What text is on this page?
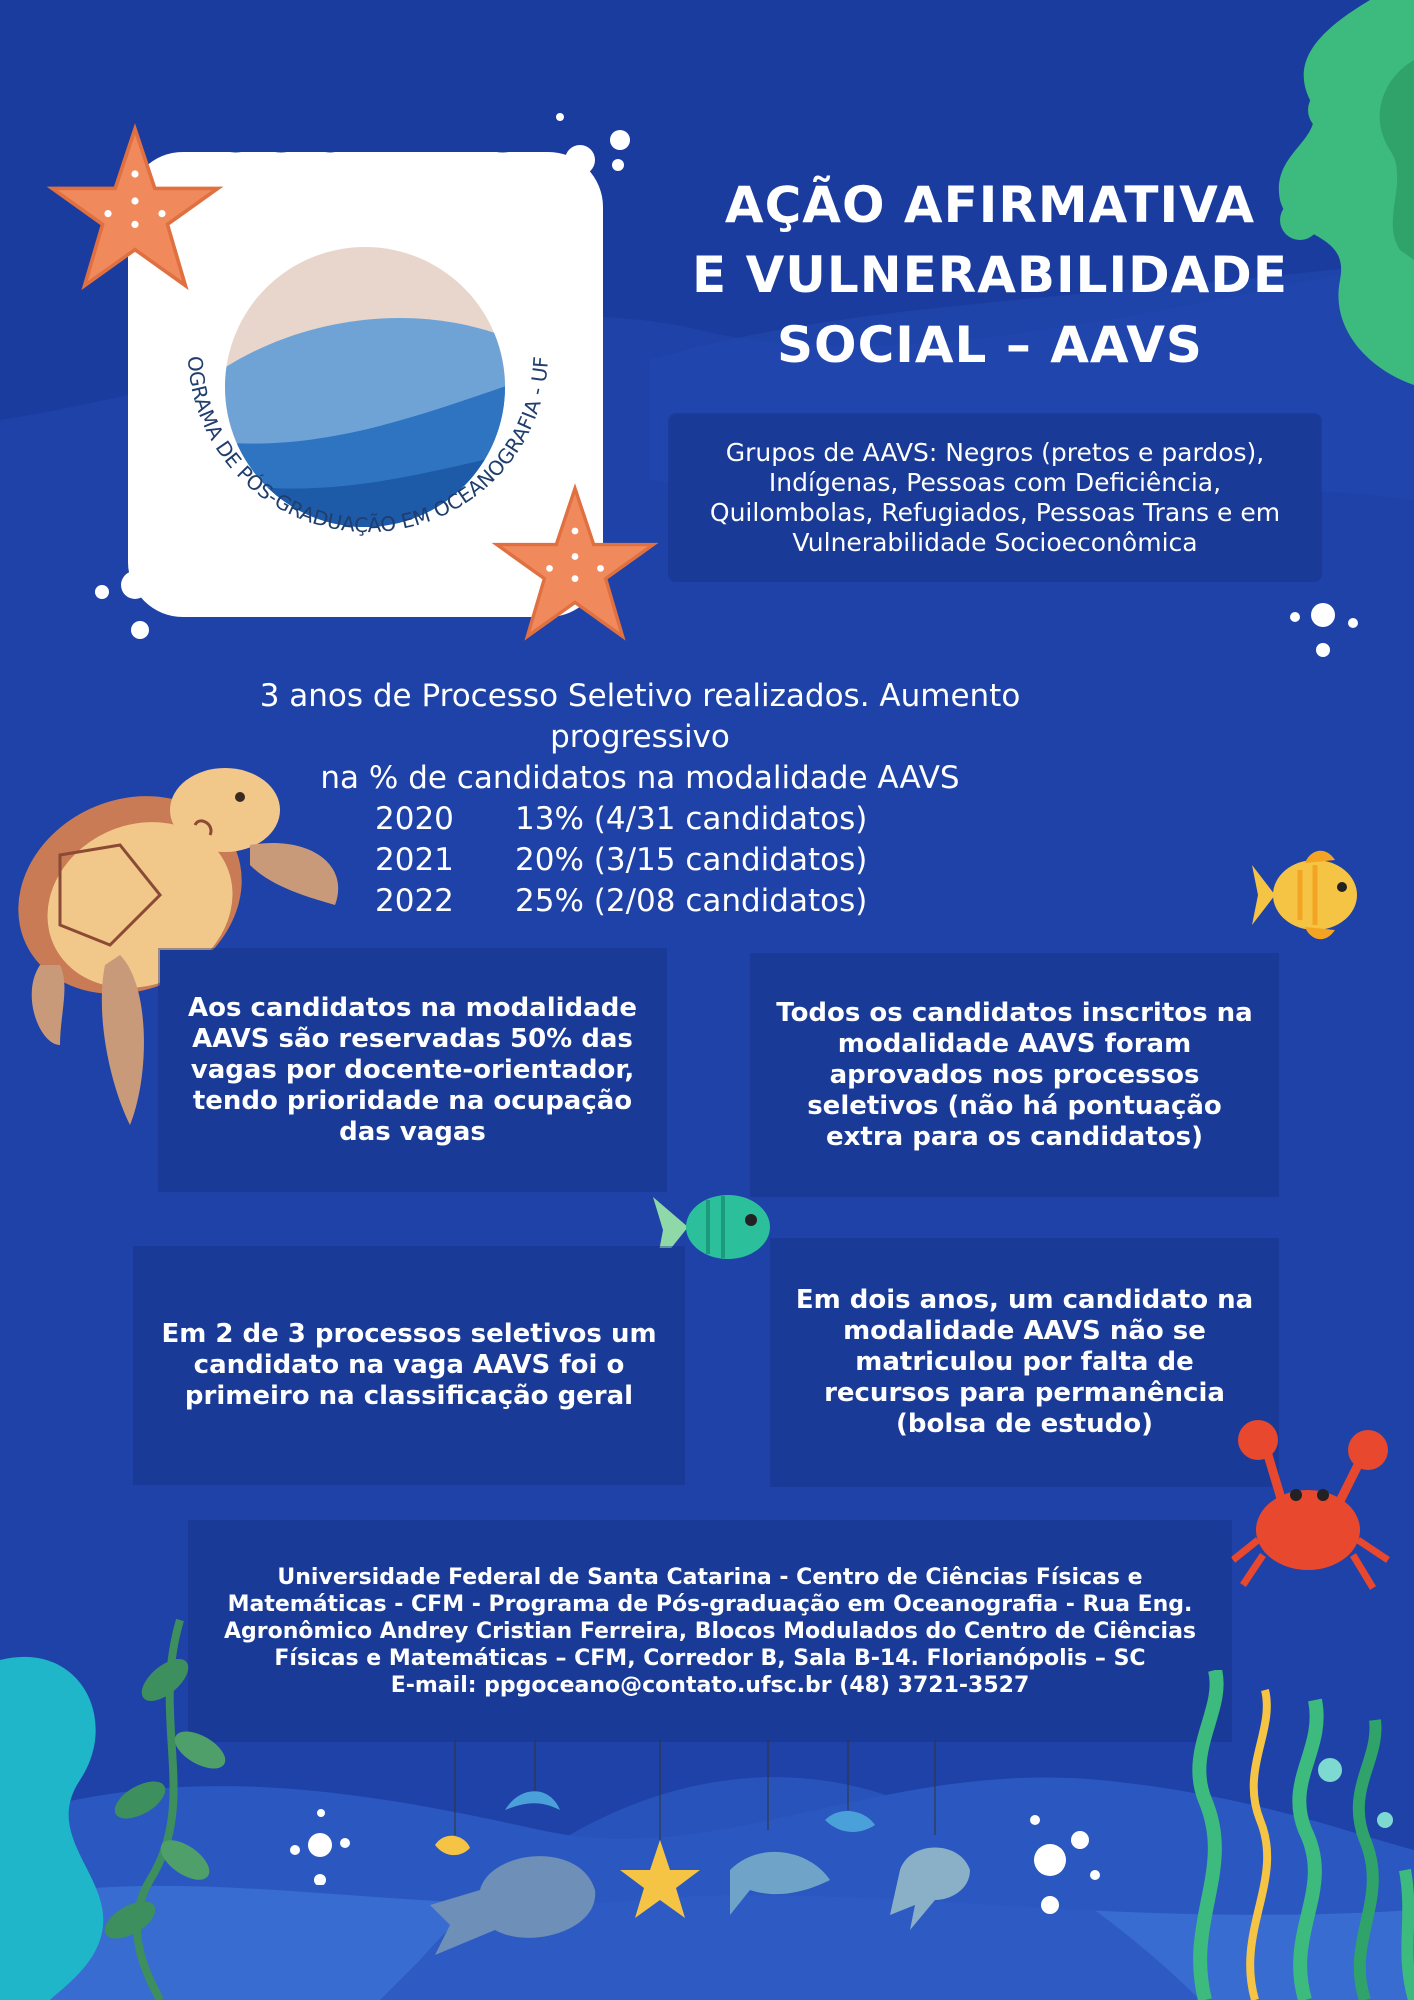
OGRAMA DE PÓS-GRADUAÇÃO EM OCEANOGRAFIA - UF
AÇÃO AFIRMATIVA
E VULNERABILIDADE
SOCIAL – AAVS

Grupos de AAVS: Negros (pretos e pardos), Indígenas, Pessoas com Deficiência, Quilombolas, Refugiados, Pessoas Trans e em Vulnerabilidade Socioeconômica

3 anos de Processo Seletivo realizados. Aumento progressivo
na % de candidatos na modalidade AAVS
2020	13% (4/31 candidatos)
2021	20% (3/15 candidatos)
2022	25% (2/08 candidatos)

Aos candidatos na modalidade AAVS são reservadas 50% das vagas por docente-orientador, tendo prioridade na ocupação das vagas

Todos os candidatos inscritos na modalidade AAVS foram aprovados nos processos seletivos (não há pontuação extra para os candidatos)

Em 2 de 3 processos seletivos um candidato na vaga AAVS foi o primeiro na classificação geral

Em dois anos, um candidato na modalidade AAVS não se matriculou por falta de recursos para permanência (bolsa de estudo)

Universidade Federal de Santa Catarina - Centro de Ciências Físicas e Matemáticas - CFM - Programa de Pós-graduação em Oceanografia - Rua Eng. Agronômico Andrey Cristian Ferreira, Blocos Modulados do Centro de Ciências Físicas e Matemáticas – CFM, Corredor B, Sala B-14. Florianópolis – SC
E-mail: ppgoceano@contato.ufsc.br (48) 3721-3527
